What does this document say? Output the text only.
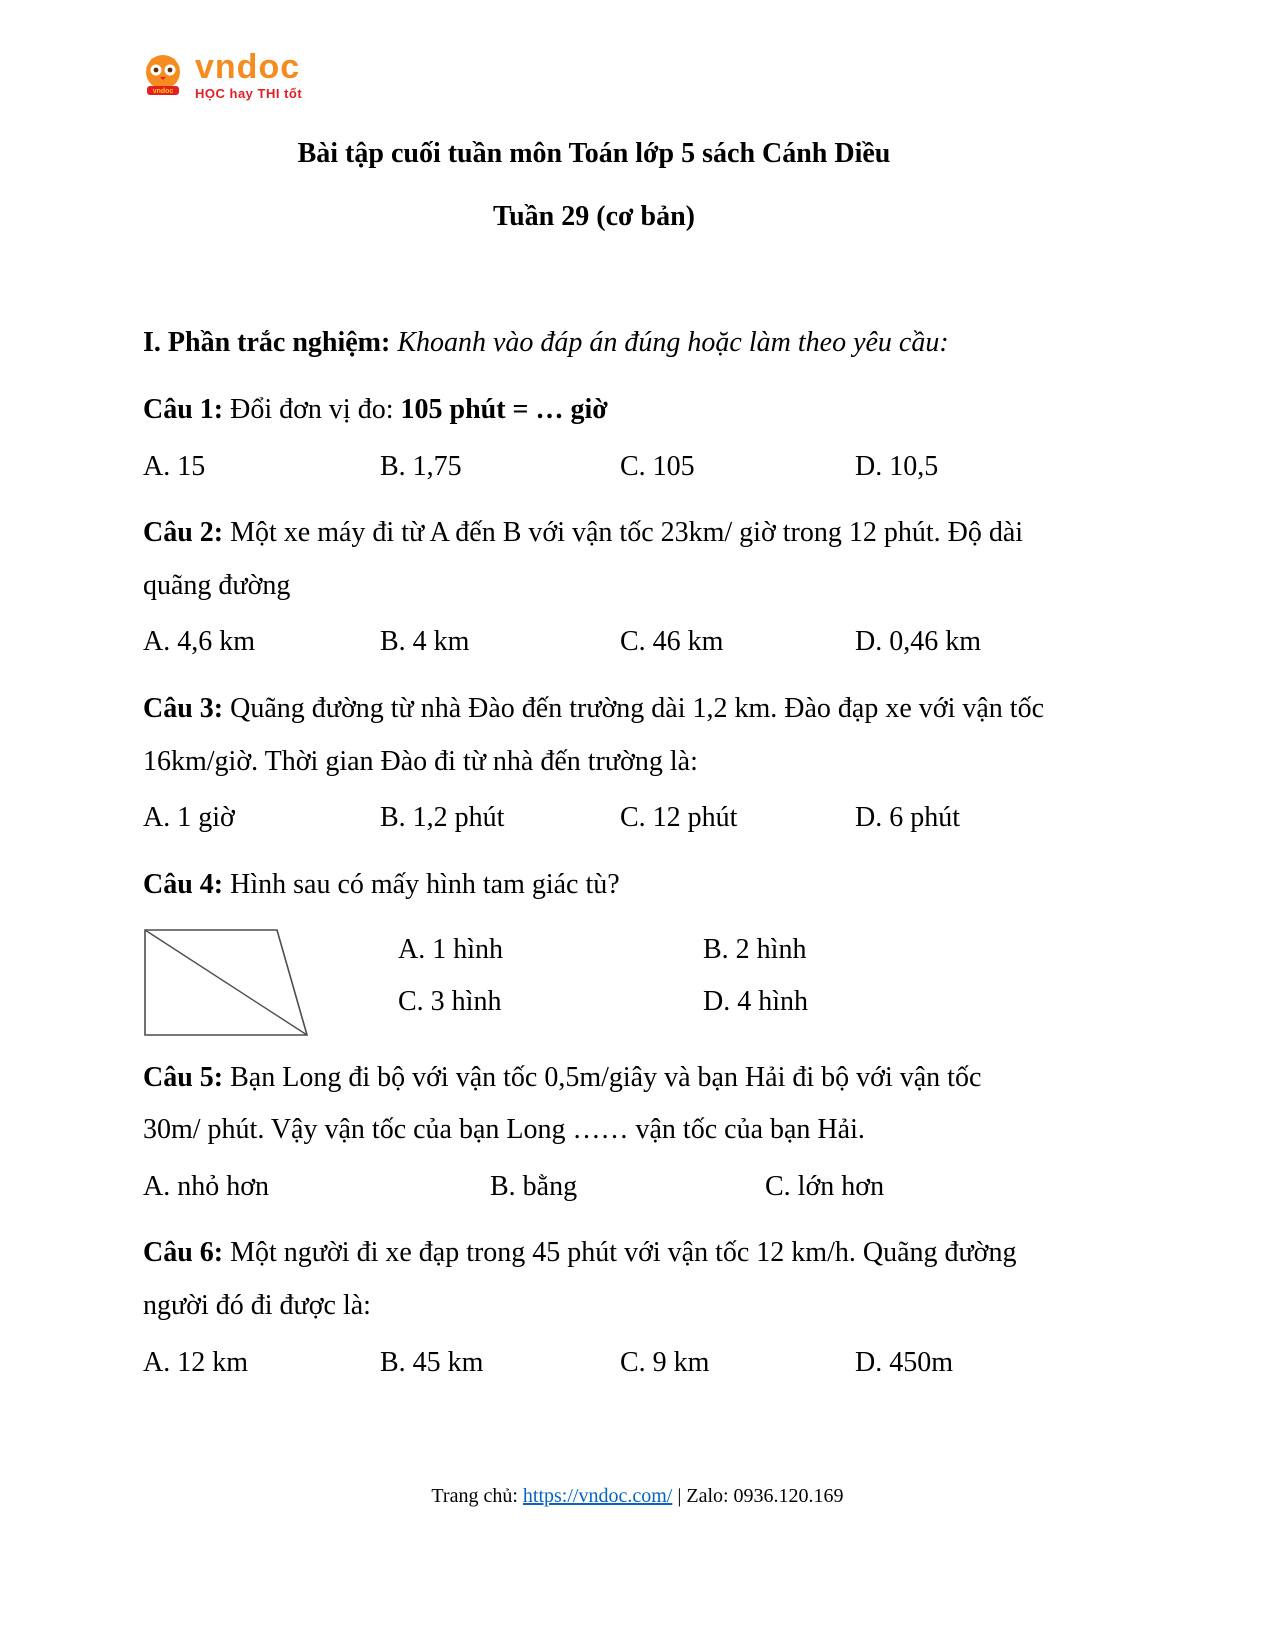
vndoc
vndoc
HỌC hay THI tốt
Bài tập cuối tuần môn Toán lớp 5 sách Cánh Diều
Tuần 29 (cơ bản)
I. Phần trắc nghiệm: Khoanh vào đáp án đúng hoặc làm theo yêu cầu:

Câu 1: Đổi đơn vị đo: 105 phút = … giờ

A. 15	B. 1,75	C. 105	D. 10,5

Câu 2: Một xe máy đi từ A đến B với vận tốc 23km/ giờ trong 12 phút. Độ dài quãng đường

A. 4,6 km	B. 4 km	C. 46 km	D. 0,46 km

Câu 3: Quãng đường từ nhà Đào đến trường dài 1,2 km. Đào đạp xe với vận tốc 16km/giờ. Thời gian Đào đi từ nhà đến trường là:

A. 1 giờ	B. 1,2 phút	C. 12 phút	D. 6 phút

Câu 4: Hình sau có mấy hình tam giác tù?

A. 1 hình	B. 2 hình
C. 3 hình	D. 4 hình

Câu 5: Bạn Long đi bộ với vận tốc 0,5m/giây và bạn Hải đi bộ với vận tốc 30m/ phút. Vậy vận tốc của bạn Long …… vận tốc của bạn Hải.

A. nhỏ hơn	B. bằng	C. lớn hơn

Câu 6: Một người đi xe đạp trong 45 phút với vận tốc 12 km/h. Quãng đường người đó đi được là:

A. 12 km	B. 45 km	C. 9 km	D. 450m
Trang chủ: https://vndoc.com/ | Zalo: 0936.120.169
